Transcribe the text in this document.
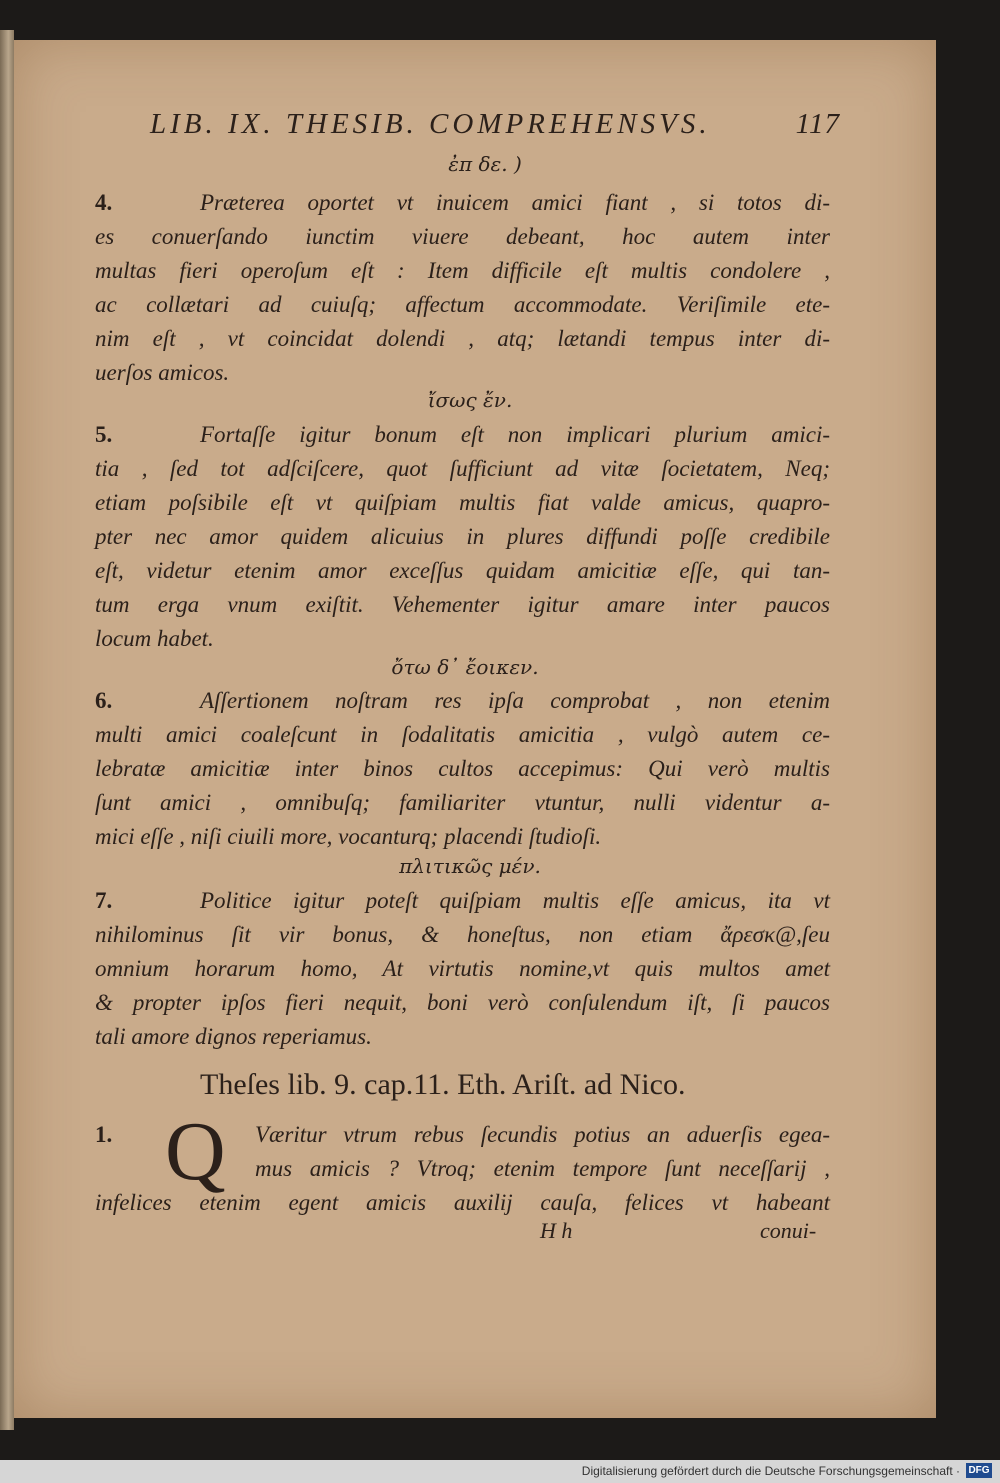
LIB. IX. THESIB. COMPREHENSVS.	117
ἐπ δε. )
4.	Præterea oportet vt inuicem amici fiant , si totos di-
es conuerſando iunctim viuere debeant, hoc autem inter
multas fieri operoſum eſt : Item difficile eſt multis condolere ,
ac collætari ad cuiuſq; affectum accommodate. Veriſimile ete-
nim eſt , vt coincidat dolendi , atq; lætandi tempus inter di-
uerſos amicos.
ἴσως ἔν.
5.	Fortaſſe igitur bonum eſt non implicari plurium amici-
tia , ſed tot adſciſcere, quot ſufficiunt ad vitæ ſocietatem, Neq;
etiam poſsibile eſt vt quiſpiam multis fiat valde amicus, quapro-
pter nec amor quidem alicuius in plures diffundi poſſe credibile
eſt, videtur etenim amor exceſſus quidam amicitiæ eſſe, qui tan-
tum erga vnum exiſtit. Vehementer igitur amare inter paucos
locum habet.
ὄτω δ᾽ ἔοικεν.
6.	Aſſertionem noſtram res ipſa comprobat , non etenim
multi amici coaleſcunt in ſodalitatis amicitia , vulgò autem ce-
lebratæ amicitiæ inter binos cultos accepimus: Qui verò multis
ſunt amici , omnibuſq; familiariter vtuntur, nulli videntur a-
mici eſſe , niſi ciuili more, vocanturq; placendi ſtudioſi.
πλιτικῶς μέν.
7.	Politice igitur poteſt quiſpiam multis eſſe amicus, ita vt
nihilominus ſit vir bonus, & honeſtus, non etiam ἄρεσκ@,ſeu
omnium horarum homo, At virtutis nomine,vt quis multos amet
& propter ipſos fieri nequit, boni verò conſulendum iſt, ſi paucos
tali amore dignos reperiamus.
Theſes lib. 9. cap.11. Eth. Ariſt. ad Nico.
1.	Væritur vtrum rebus ſecundis potius an aduerſis egea-
mus amicis ? Vtroq; etenim tempore ſunt neceſſarij ,
infelices etenim egent amicis auxilij cauſa, felices vt habeant
Q
H h	conui-
Digitalisierung gefördert durch die Deutsche Forschungsgemeinschaft · DFG
